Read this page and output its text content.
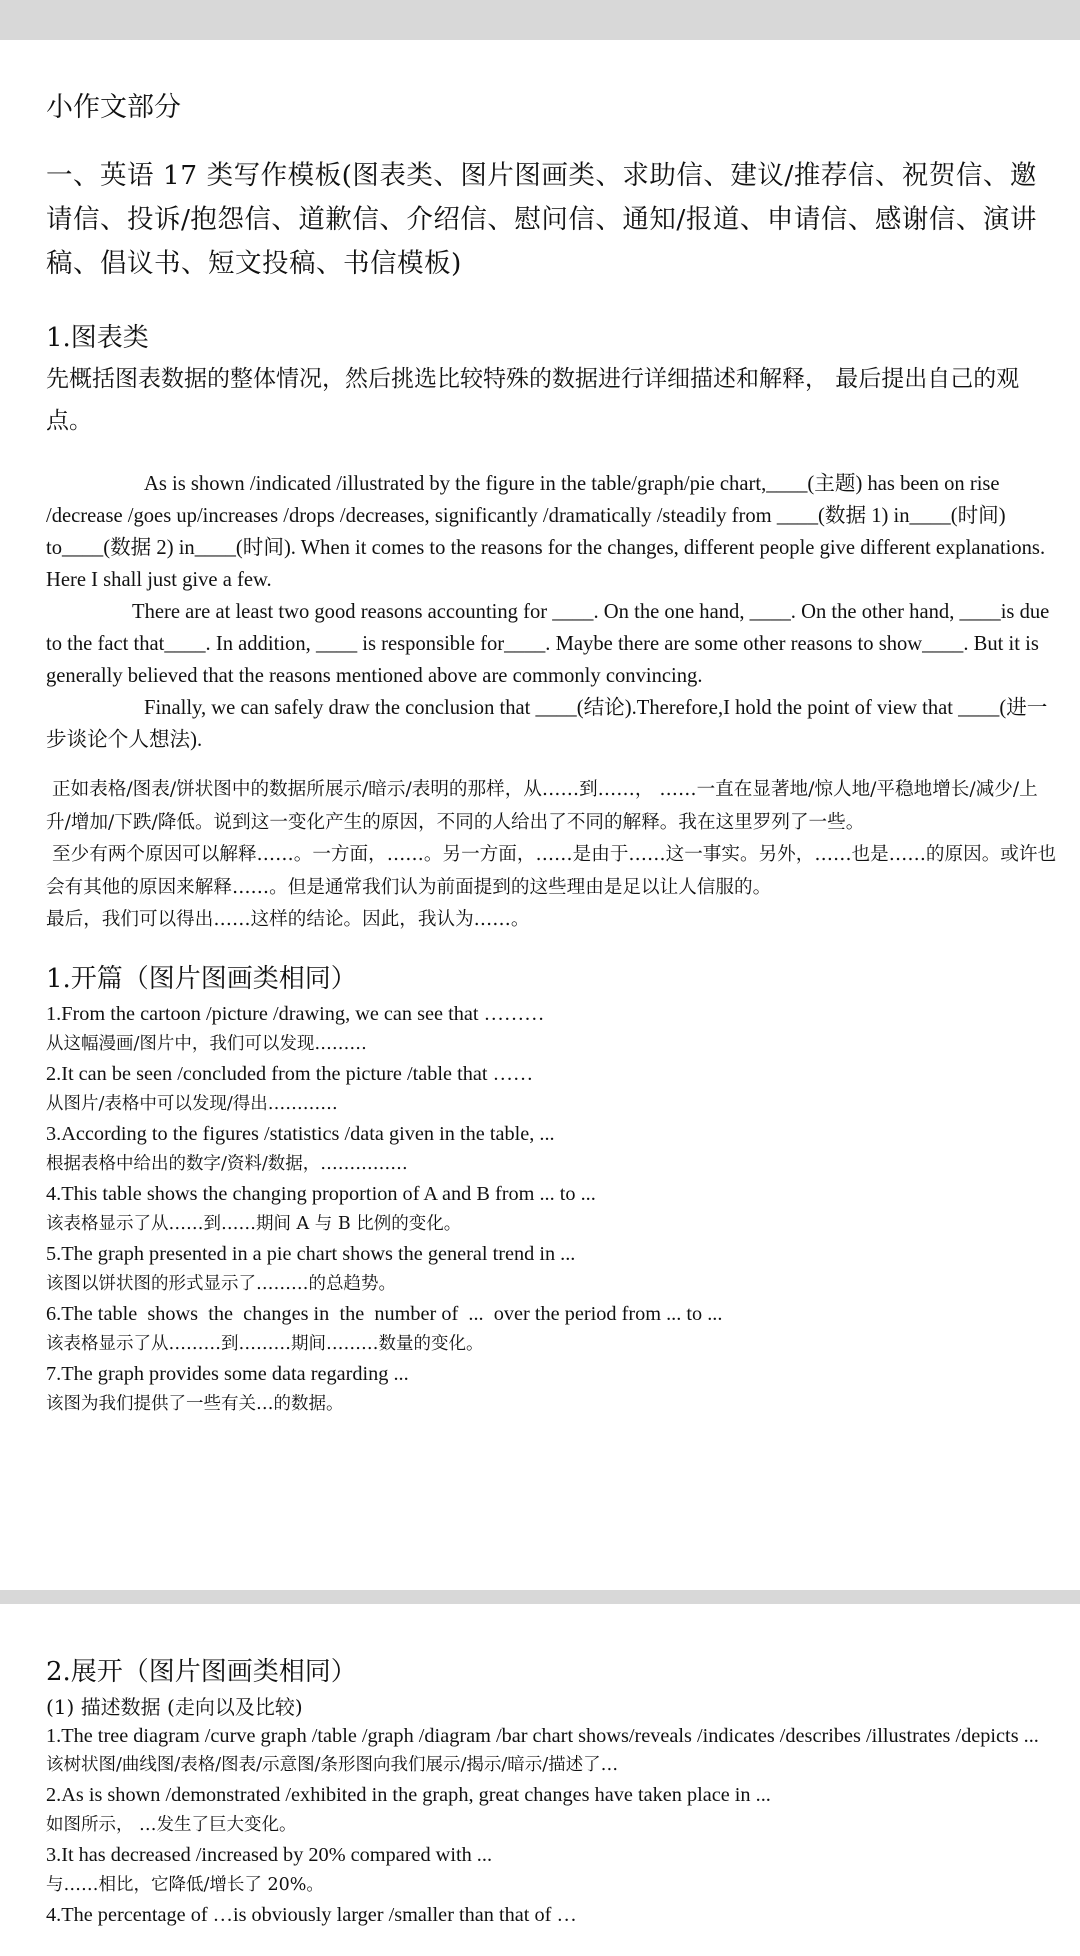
小作文部分
一、英语 17 类写作模板(图表类、图片图画类、求助信、建议/推荐信、祝贺信、邀请信、投诉/抱怨信、道歉信、介绍信、慰问信、通知/报道、申请信、感谢信、演讲稿、倡议书、短文投稿、书信模板)
1.图表类
先概括图表数据的整体情况，然后挑选比较特殊的数据进行详细描述和解释， 最后提出自己的观点。

As is shown /indicated /illustrated by the figure in the table/graph/pie chart,____(主题) has been on rise /decrease /goes up/increases /drops /decreases, significantly /dramatically /steadily from ____(数据 1) in____(时间) to____(数据 2) in____(时间). When it comes to the reasons for the changes, different people give different explanations. Here I shall just give a few.

There are at least two good reasons accounting for ____. On the one hand, ____. On the other hand, ____is due to the fact that____. In addition, ____ is responsible for____. Maybe there are some other reasons to show____. But it is generally believed that the reasons mentioned above are commonly convincing.

Finally, we can safely draw the conclusion that ____(结论).Therefore,I hold the point of view that ____(进一步谈论个人想法).

正如表格/图表/饼状图中的数据所展示/暗示/表明的那样，从……到……， ……一直在显著地/惊人地/平稳地增长/减少/上升/增加/下跌/降低。说到这一变化产生的原因，不同的人给出了不同的解释。我在这里罗列了一些。

至少有两个原因可以解释……。一方面，……。另一方面，……是由于……这一事实。另外，……也是……的原因。或许也会有其他的原因来解释……。但是通常我们认为前面提到的这些理由是足以让人信服的。

最后，我们可以得出……这样的结论。因此，我认为……。

1.开篇（图片图画类相同）
1.From the cartoon /picture /drawing, we can see that ………
从这幅漫画/图片中，我们可以发现………
2.It can be seen /concluded from the picture /table that ……
从图片/表格中可以发现/得出…………
3.According to the figures /statistics /data given in the table, ...
根据表格中给出的数字/资料/数据，……………
4.This table shows the changing proportion of A and B from ... to ...
该表格显示了从……到……期间 A 与 B 比例的变化。
5.The graph presented in a pie chart shows the general trend in ...
该图以饼状图的形式显示了………的总趋势。
6.The table  shows  the  changes in  the  number of  ...  over the period from ... to ...
该表格显示了从………到………期间………数量的变化。
7.The graph provides some data regarding ...
该图为我们提供了一些有关…的数据。
2.展开（图片图画类相同）
(1) 描述数据 (走向以及比较)
1.The tree diagram /curve graph /table /graph /diagram /bar chart shows/reveals /indicates /describes /illustrates /depicts ...
该树状图/曲线图/表格/图表/示意图/条形图向我们展示/揭示/暗示/描述了…
2.As is shown /demonstrated /exhibited in the graph, great changes have taken place in ...
如图所示， …发生了巨大变化。
3.It has decreased /increased by 20% compared with ...
与……相比，它降低/增长了 20%。
4.The percentage of …is obviously larger /smaller than that of …
